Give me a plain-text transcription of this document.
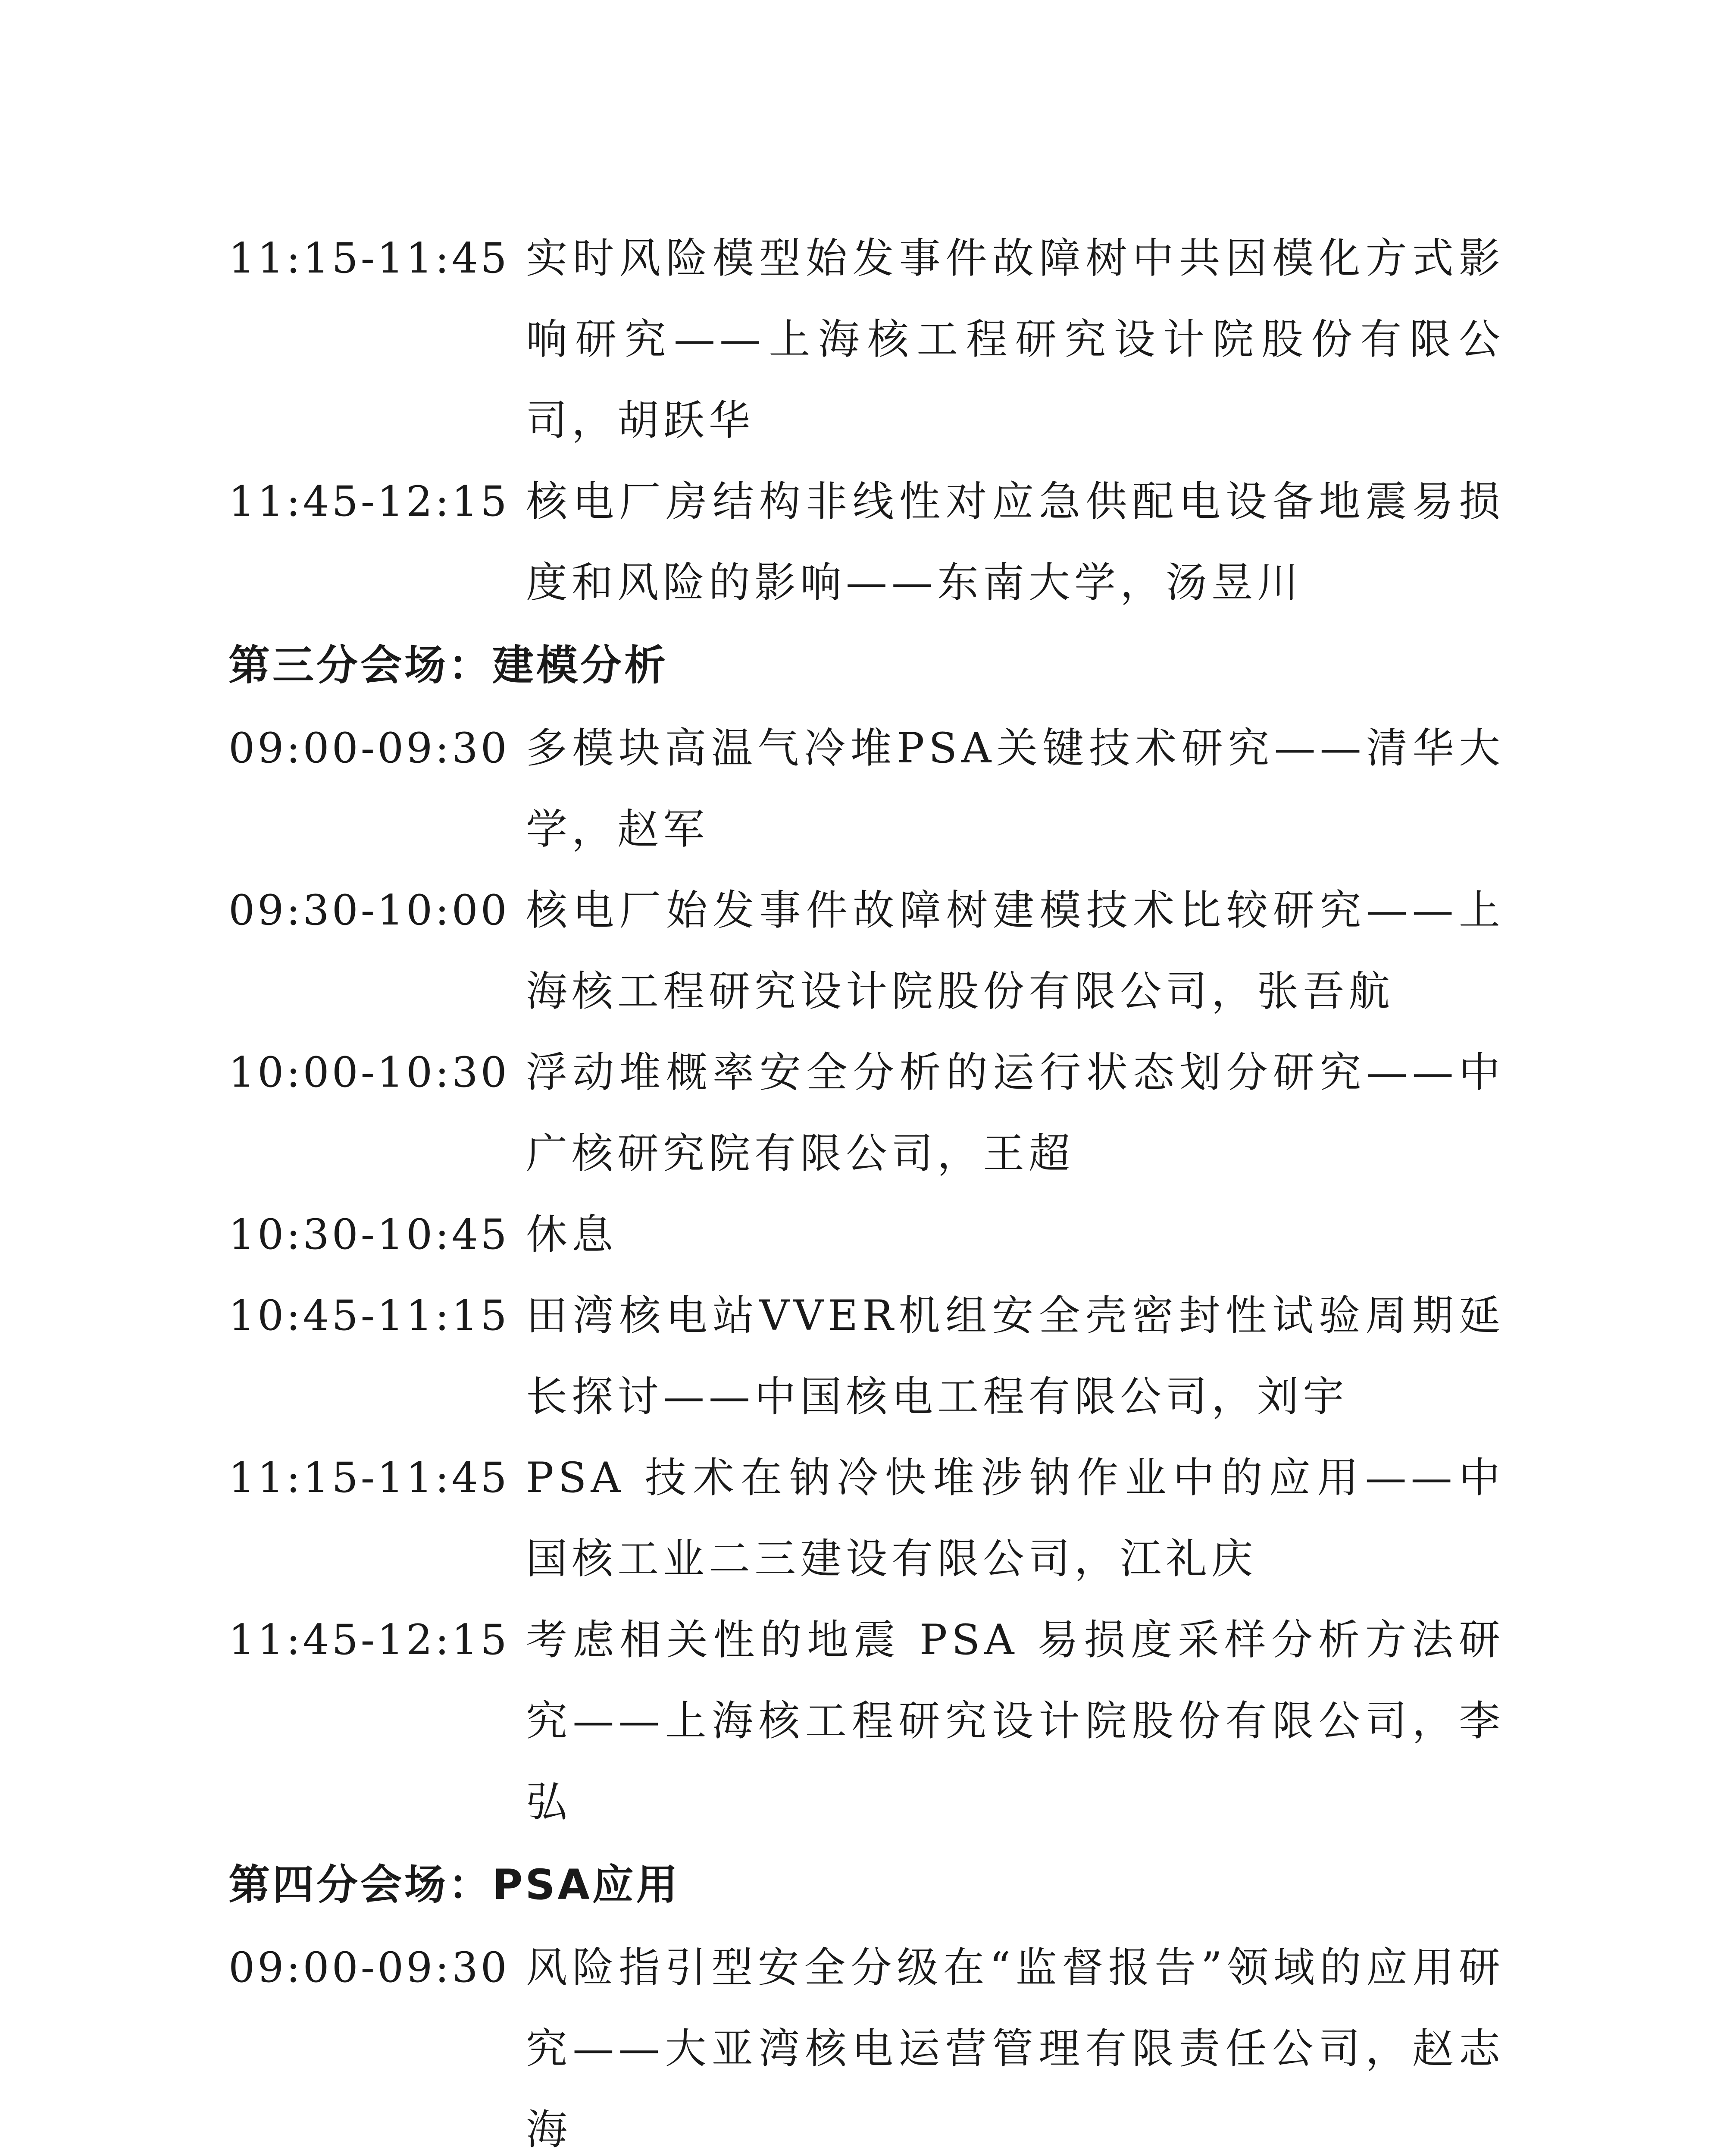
11:15-11:45 实时风险模型始发事件故障树中共因模化方式影响研究——上海核工程研究设计院股份有限公司，胡跃华
11:45-12:15 核电厂房结构非线性对应急供配电设备地震易损度和风险的影响——东南大学，汤昱川
第三分会场：建模分析
09:00-09:30 多模块高温气冷堆PSA关键技术研究——清华大学，赵军
09:30-10:00 核电厂始发事件故障树建模技术比较研究——上海核工程研究设计院股份有限公司，张吾航
10:00-10:30 浮动堆概率安全分析的运行状态划分研究——中广核研究院有限公司，王超
10:30-10:45 休息
10:45-11:15 田湾核电站VVER机组安全壳密封性试验周期延长探讨——中国核电工程有限公司，刘宇
11:15-11:45 PSA 技术在钠冷快堆涉钠作业中的应用——中国核工业二三建设有限公司，江礼庆
11:45-12:15 考虑相关性的地震 PSA 易损度采样分析方法研究——上海核工程研究设计院股份有限公司，李弘
第四分会场：PSA应用
09:00-09:30 风险指引型安全分级在“监督报告”领域的应用研究——大亚湾核电运营管理有限责任公司，赵志海
